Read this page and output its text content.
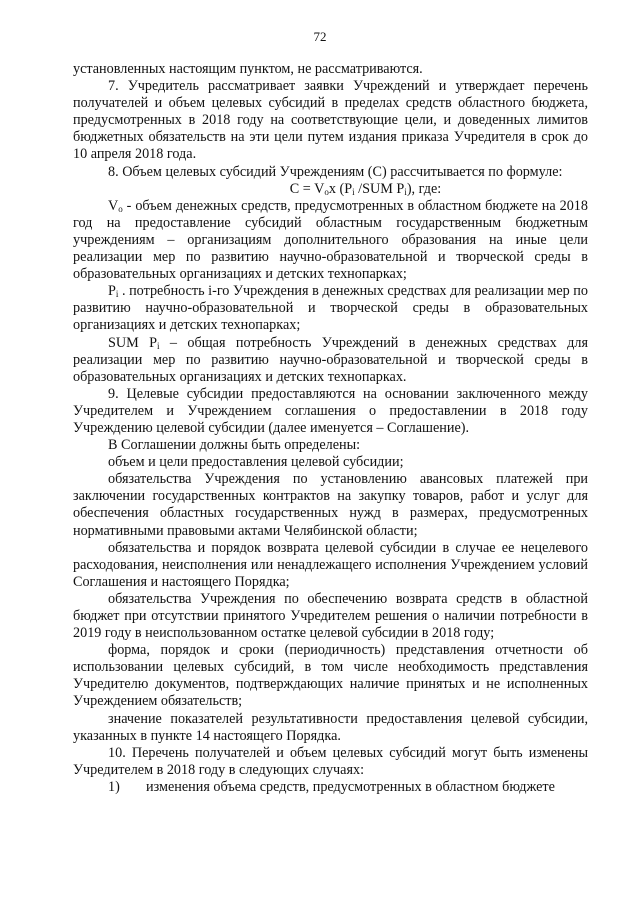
72

установленных настоящим пунктом, не рассматриваются.

7. Учредитель рассматривает заявки Учреждений и утверждает перечень получателей и объем целевых субсидий в пределах средств областного бюджета, предусмотренных в 2018 году на соответствующие цели, и доведенных лимитов бюджетных обязательств на эти цели путем издания приказа Учредителя в срок до 10 апреля 2018 года.

8. Объем целевых субсидий Учреждениям (C) рассчитывается по формуле:

$C = V_ox$ ($P_i$ /SUM $P_i$), где:

$V_o$ - объем денежных средств, предусмотренных в областном бюджете на 2018 год на предоставление субсидий областным государственным бюджетным учреждениям – организациям дополнительного образования на иные цели реализации мер по развитию научно-образовательной и творческой среды в образовательных организациях и детских технопарках;

$P_i$ . потребность i-го Учреждения в денежных средствах для реализации мер по развитию научно-образовательной и творческой среды в образовательных организациях и детских технопарках;

SUM $P_i$ – общая потребность Учреждений в денежных средствах для реализации мер по развитию научно-образовательной и творческой среды в образовательных организациях и детских технопарках.

9. Целевые субсидии предоставляются на основании заключенного между Учредителем и Учреждением соглашения о предоставлении в 2018 году Учреждению целевой субсидии (далее именуется – Соглашение).

В Соглашении должны быть определены:

объем и цели предоставления целевой субсидии;

обязательства Учреждения по установлению авансовых платежей при заключении государственных контрактов на закупку товаров, работ и услуг для обеспечения областных государственных нужд в размерах, предусмотренных нормативными правовыми актами Челябинской области;

обязательства и порядок возврата целевой субсидии в случае ее нецелевого расходования, неисполнения или ненадлежащего исполнения Учреждением условий Соглашения и настоящего Порядка;

обязательства Учреждения по обеспечению возврата средств в областной бюджет при отсутствии принятого Учредителем решения о наличии потребности в 2019 году в неиспользованном остатке целевой субсидии в 2018 году;

форма, порядок и сроки (периодичность) представления отчетности об использовании целевых субсидий, в том числе необходимость представления Учредителю документов, подтверждающих наличие принятых и не исполненных Учреждением обязательств;

значение показателей результативности предоставления целевой субсидии, указанных в пункте 14 настоящего Порядка.

10. Перечень получателей и объем целевых субсидий могут быть изменены Учредителем в 2018 году в следующих случаях:

1) изменения объема средств, предусмотренных в областном бюджете
